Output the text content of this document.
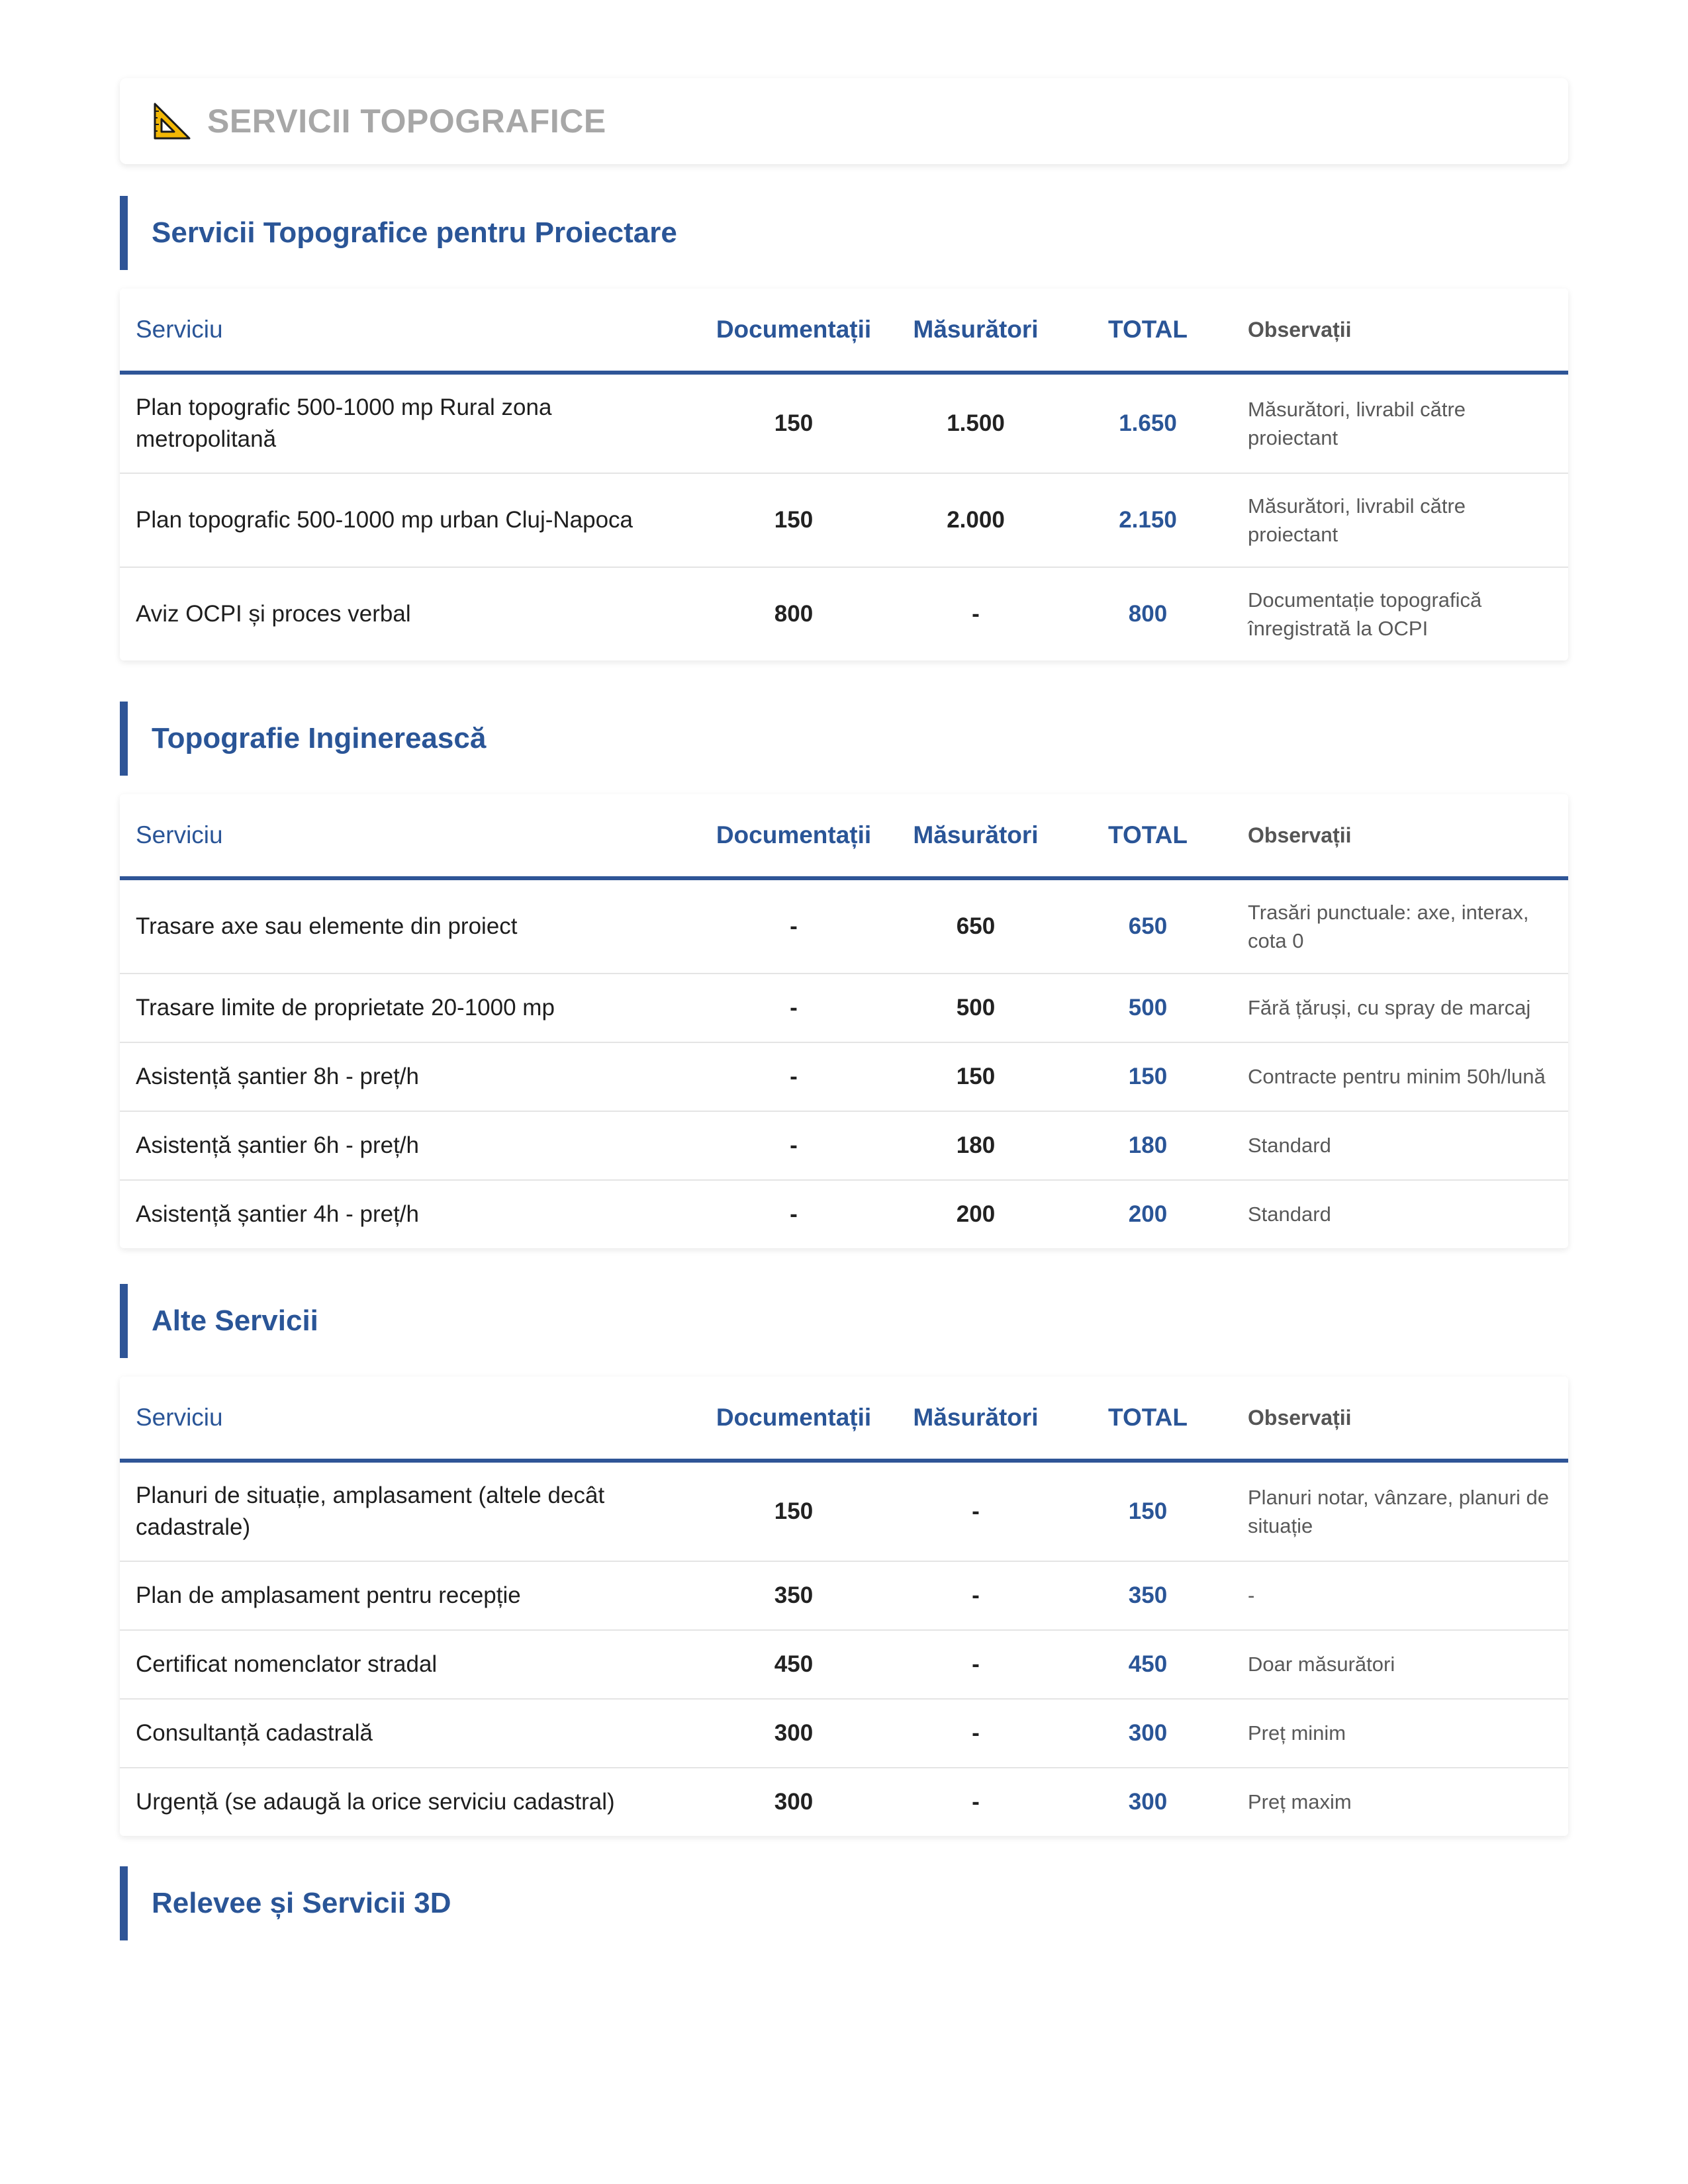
SERVICII TOPOGRAFICE
Servicii Topografice pentru Proiectare
Serviciu	Documentații	Măsurători	TOTAL	Observații
Plan topografic 500-1000 mp Rural zona metropolitană	150	1.500	1.650	Măsurători, livrabil către proiectant
Plan topografic 500-1000 mp urban Cluj-Napoca	150	2.000	2.150	Măsurători, livrabil către proiectant
Aviz OCPI și proces verbal	800	-	800	Documentație topografică înregistrată la OCPI
Topografie Inginerească
Serviciu	Documentații	Măsurători	TOTAL	Observații
Trasare axe sau elemente din proiect	-	650	650	Trasări punctuale: axe, interax, cota 0
Trasare limite de proprietate 20-1000 mp	-	500	500	Fără țăruși, cu spray de marcaj
Asistență șantier 8h - preț/h	-	150	150	Contracte pentru minim 50h/lună
Asistență șantier 6h - preț/h	-	180	180	Standard
Asistență șantier 4h - preț/h	-	200	200	Standard
Alte Servicii
Serviciu	Documentații	Măsurători	TOTAL	Observații
Planuri de situație, amplasament (altele decât cadastrale)	150	-	150	Planuri notar, vânzare, planuri de situație
Plan de amplasament pentru recepție	350	-	350	-
Certificat nomenclator stradal	450	-	450	Doar măsurători
Consultanță cadastrală	300	-	300	Preț minim
Urgență (se adaugă la orice serviciu cadastral)	300	-	300	Preț maxim
Relevee și Servicii 3D
